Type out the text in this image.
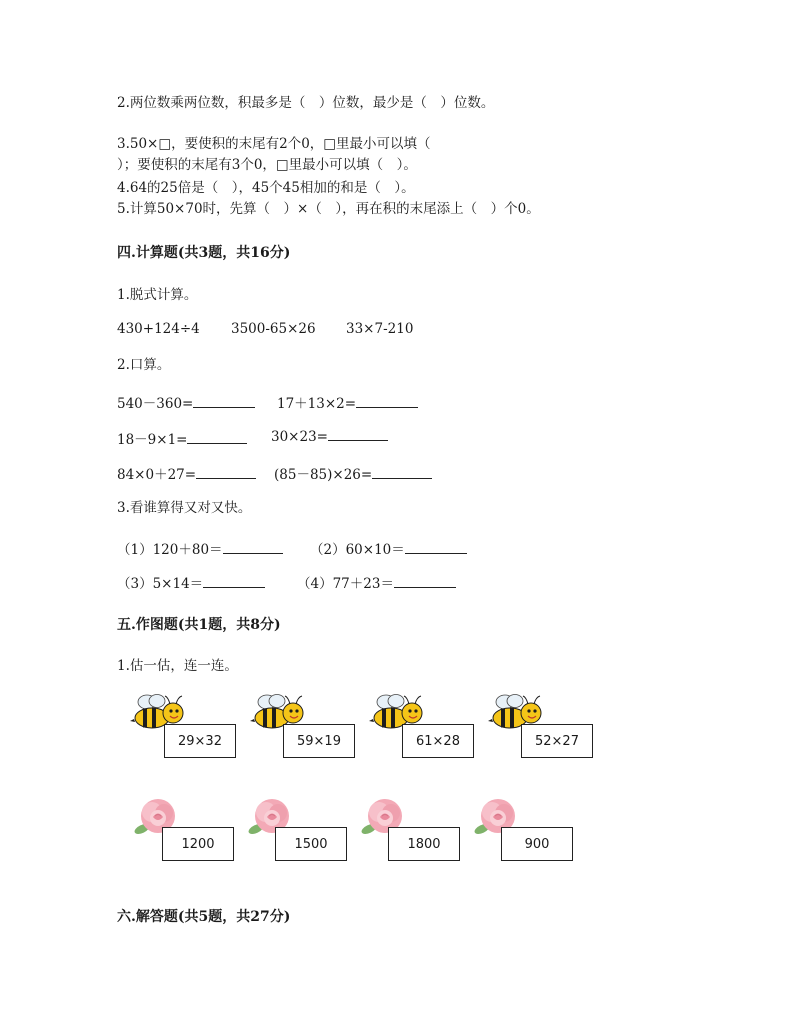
2.两位数乘两位数，积最多是（　）位数，最少是（　）位数。
3.50×□，要使积的末尾有2个0，□里最小可以填（
）；要使积的末尾有3个0，□里最小可以填（　）。
4.64的25倍是（　），45个45相加的和是（　）。
5.计算50×70时，先算（　）×（　），再在积的末尾添上（　）个0。
四.计算题(共3题，共16分)
1.脱式计算。
430+124÷4 3500-65×26 33×7-210
2.口算。
540－360=	17＋13×2=
18－9×1=	30×23=
84×0＋27=	(85－85)×26=
3.看谁算得又对又快。
（1）120＋80＝	（2）60×10＝
（3）5×14＝	（4）77＋23＝
五.作图题(共1题，共8分)
1.估一估，连一连。
29×32	59×19	61×28	52×27
1200	1500	1800	900
六.解答题(共5题，共27分)
